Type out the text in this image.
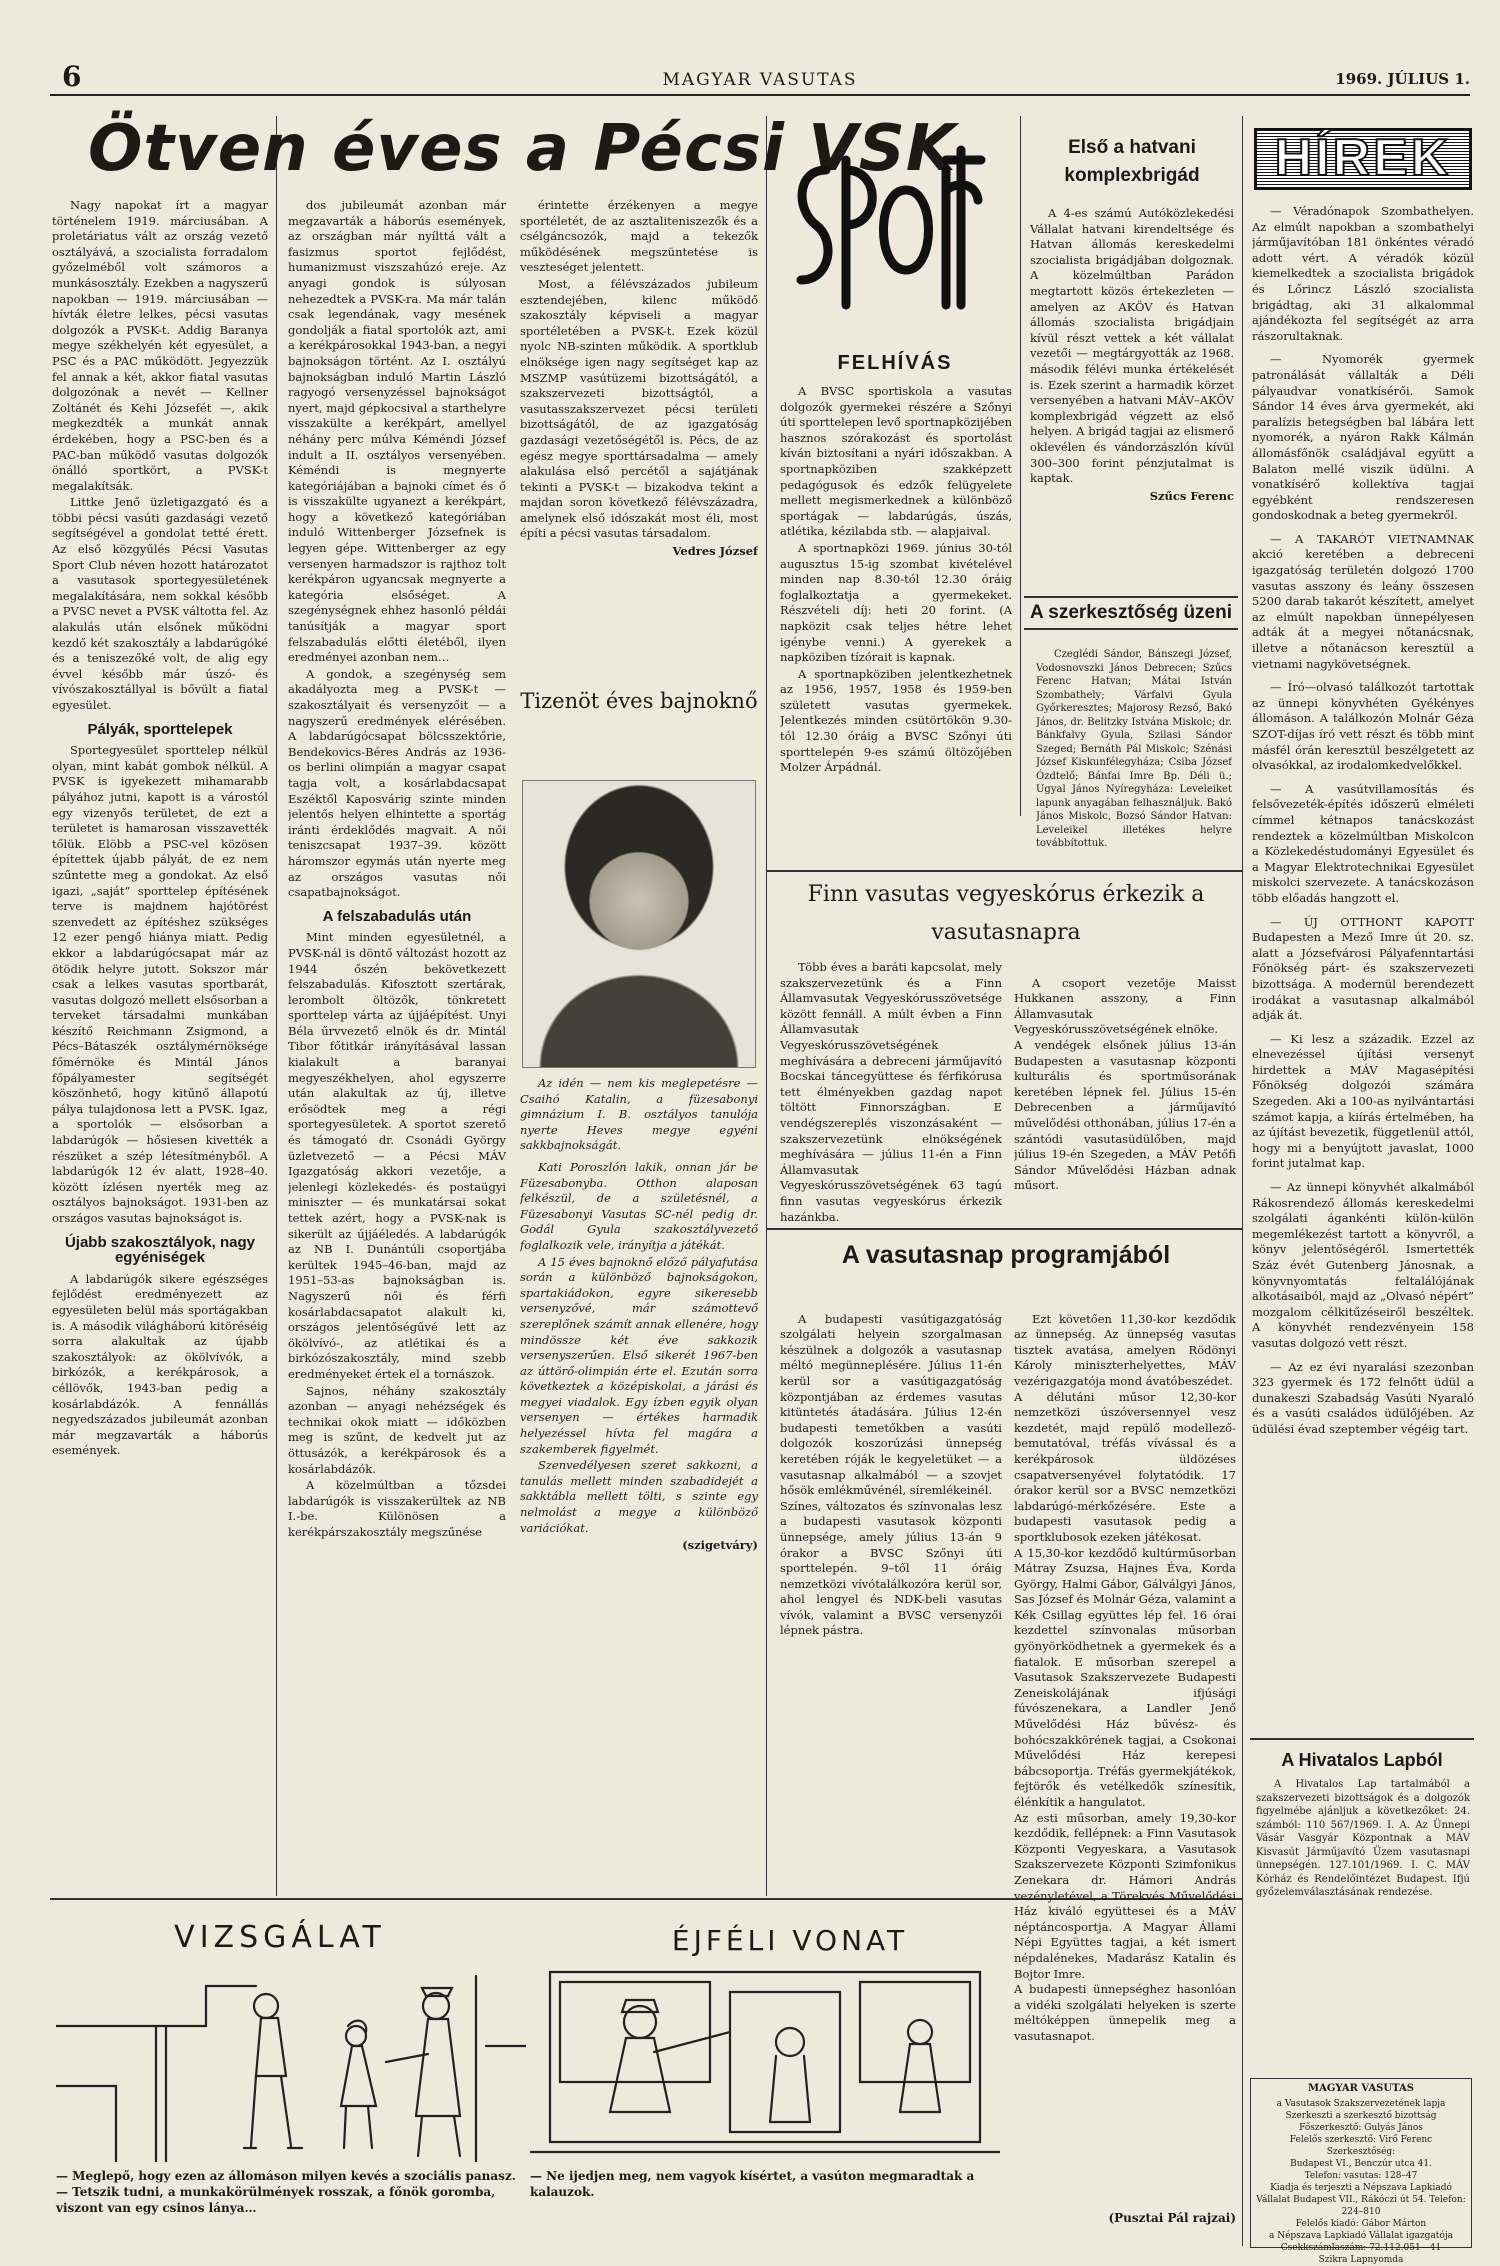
6	MAGYAR VASUTAS	1969. JÚLIUS 1.
Ötven éves a Pécsi VSK

Nagy napokat írt a magyar történelem 1919. márciusában. A proletáriatus vált az ország vezető osztályává, a szocialista forradalom győzelméből volt számoros a munkásosztály. Ezekben a nagyszerű napokban — 1919. márciusában — hívták életre lelkes, pécsi vasutas dolgozók a PVSK-t. Addig Baranya megye székhelyén két egyesület, a PSC és a PAC működött. Jegyezzük fel annak a két, akkor fiatal vasutas dolgozónak a nevét — Kellner Zoltánét és Kehi Józsefét —, akik megkezdték a munkát annak érdekében, hogy a PSC-ben és a PAC-ban működő vasutas dolgozók önálló sportkört, a PVSK-t megalakítsák.

Littke Jenő üzletigazgató és a többi pécsi vasúti gazdasági vezető segítségével a gondolat tetté érett. Az első közgyűlés Pécsi Vasutas Sport Club néven hozott határozatot a vasutasok sportegyesületének megalakítására, nem sokkal később a PVSC nevet a PVSK váltotta fel. Az alakulás után elsőnek működni kezdő két szakosztály a labdarúgóké és a teniszezőké volt, de alig egy évvel később már úszó- és vívószakosztállyal is bővült a fiatal egyesület.

Pályák, sporttelepek

Sportegyesület sporttelep nélkül olyan, mint kabát gombok nélkül. A PVSK is igyekezett mihamarabb pályához jutni, kapott is a várostól egy vizenyős területet, de ezt a területet is hamarosan visszavették tőlük. Elöbb a PSC-vel közösen építettek újabb pályát, de ez nem szűntette meg a gondokat. Az első igazi, „saját” sporttelep építésének terve is majdnem hajótörést szenvedett az építéshez szükséges 12 ezer pengő hiánya miatt. Pedig ekkor a labdarúgócsapat már az ötödik helyre jutott. Sokszor már csak a lelkes vasutas sportbarát, vasutas dolgozó mellett elsősorban a terveket társadalmi munkában készítő Reichmann Zsigmond, a Pécs–Bátaszék osztálymérnöksége főmérnöke és Mintál János főpályamester segítségét köszönhető, hogy kitűnő állapotú pálya tulajdonosa lett a PVSK. Igaz, a sportolók — elsősorban a labdarúgók — hősiesen kivették a részüket a szép létesítményből. A labdarúgók 12 év alatt, 1928–40. között ízlésen nyerték meg az osztályos bajnokságot. 1931-ben az országos vasutas bajnokságot is.

Újabb szakosztályok, nagy egyéniségek

A labdarúgók sikere egészséges fejlődést eredményezett az egyesületen belül más sportágakban is. A második világháború kitöréséig sorra alakultak az újabb szakosztályok: az ökölvívók, a birkózók, a kerékpárosok, a céllövők, 1943-ban pedig a kosárlabdázók. A fennállás negyedszázados jubileumát azonban már megzavarták a háborús események.

dos jubileumát azonban már megzavarták a háborús események, az országban már nyílttá vált a fasizmus sportot fejlődést, humanizmust viszszahúzó ereje. Az anyagi gondok is súlyosan nehezedtek a PVSK-ra. Ma már talán csak legendának, vagy mesének gondolják a fiatal sportolók azt, ami a kerékpárosokkal 1943-ban, a negyi bajnokságon történt. Az I. osztályú bajnokságban induló Martin László ragyogó versenyzéssel bajnokságot nyert, majd gépkocsival a starthelyre visszakülte a kerékpárt, amellyel néhány perc múlva Kéméndi József indult a II. osztályos versenyében. Kéméndi is megnyerte kategóriájában a bajnoki címet és ő is visszakülte ugyanezt a kerékpárt, hogy a következő kategóriában induló Wittenberger Józsefnek is legyen gépe. Wittenberger az egy versenyen harmadszor is rajthoz tolt kerékpáron ugyancsak megnyerte a kategória elsőséget. A szegénységnek ehhez hasonló példái tanúsítják a magyar sport felszabadulás előtti életéből, ilyen eredményei azonban nem…

A gondok, a szegénység sem akadályozta meg a PVSK-t — szakosztályait és versenyzőit — a nagyszerű eredmények elérésében. A labdarúgócsapat bölcsszektőrie, Bendekovics-Béres András az 1936-os berlini olimpián a magyar csapat tagja volt, a kosárlabdacsapat Eszéktől Kaposvárig szinte minden jelentős helyen elhintette a sportág iránti érdeklődés magvait. A női teniszcsapat 1937–39. között háromszor egymás után nyerte meg az országos vasutas női csapatbajnokságot.

A felszabadulás után

Mint minden egyesületnél, a PVSK-nál is döntő változást hozott az 1944 őszén bekövetkezett felszabadulás. Kifosztott szertárak, lerombolt öltözők, tönkretett sporttelep várta az újjáépítést. Unyi Béla űrvvezető elnök és dr. Mintál Tibor főtitkár irányításával lassan kialakult a baranyai megyeszékhelyen, ahol egyszerre után alakultak az új, illetve erősödtek meg a régi sportegyesületek. A sportot szerető és támogató dr. Csonádi György üzletvezető — a Pécsi MÁV Igazgatóság akkori vezetője, a jelenlegi közlekedés- és postaügyi miniszter — és munkatársai sokat tettek azért, hogy a PVSK-nak is sikerült az újjáéledés. A labdarúgók az NB I. Dunántúli csoportjába kerültek 1945–46-ban, majd az 1951–53-as bajnokságban is. Nagyszerű női és férfi kosárlabdacsapatot alakult ki, országos jelentőségűvé lett az ökölvívó-, az atlétikai és a birkózószakosztály, mind szebb eredményeket értek el a tornászok.

Sajnos, néhány szakosztály azonban — anyagi nehézségek és technikai okok miatt — időközben meg is szűnt, de kedvelt jut az öttusázók, a kerékpárosok és a kosárlabdázók.

A közelmúltban a tőzsdei labdarúgók is visszakerültek az NB I.-be. Különösen a kerékpárszakosztály megszűnése

érintette érzékenyen a megye sportéletét, de az asztaliteniszezők és a csélgáncsozók, majd a tekezők működésének megszüntetése is veszteséget jelentett.

Most, a félévszázados jubileum esztendejében, kilenc működő szakosztály képviseli a magyar sportéletében a PVSK-t. Ezek közül nyolc NB-szinten működik. A sportklub elnöksége igen nagy segítséget kap az MSZMP vasútüzemi bizottságától, a szakszervezeti bizottságtól, a vasutasszakszervezet pécsi területi bizottságától, de az igazgatóság gazdasági vezetőségétől is. Pécs, de az egész megye sporttársadalma — amely alakulása első percétől a sajátjának tekinti a PVSK-t — bizakodva tekint a majdan soron következő félévszázadra, amelynek első idószakát most éli, most építi a pécsi vasutas társadalom.

Vedres József
Tizenöt éves bajnoknő

Az idén — nem kis meglepetésre — Csaihó Katalin, a füzesabonyi gimnázium I. B. osztályos tanulója nyerte Heves megye egyéni sakkbajnokságát.

Kati Poroszlón lakik, onnan jár be Füzesabonyba. Otthon alaposan felkészül, de a születésnél, a Füzesabonyi Vasutas SC-nél pedig dr. Godál Gyula szakosztályvezető foglalkozik vele, irányítja a játékát.

A 15 éves bajnoknő előző pályafutása során a különböző bajnokságokon, spartakiádokon, egyre sikeresebb versenyzővé, már számottevő szereplőnek számít annak ellenére, hogy mindössze két éve sakkozik versenyszerűen. Első sikerét 1967-ben az úttörő-olimpián érte el. Ezután sorra következtek a középiskolai, a járási és megyei viadalok. Egy ízben egyik olyan versenyen — értékes harmadik helyezéssel hívta fel magára a szakemberek figyelmét.

Szenvedélyesen szeret sakkozni, a tanulás mellett minden szabadidejét a sakktábla mellett tölti, s szinte egy nelmolást a megye a különböző variációkat.

(szigetváry)
FELHÍVÁS

A BVSC sportiskola a vasutas dolgozók gyermekei részére a Szőnyi úti sporttelepen levő sportnapközijében hasznos szórakozást és sportolást kíván biztosítani a nyári időszakban. A sportnapköziben szakképzett pedagógusok és edzők felügyelete mellett megismerkednek a különböző sportágak — labdarúgás, úszás, atlétika, kézilabda stb. — alapjaival.

A sportnapközi 1969. június 30-tól augusztus 15-ig szombat kivételével minden nap 8.30-tól 12.30 óráig foglalkoztatja a gyermekeket. Részvételi díj: heti 20 forint. (A napközit csak teljes hétre lehet igénybe venni.) A gyerekek a napköziben tízórait is kapnak.

A sportnapköziben jelentkezhetnek az 1956, 1957, 1958 és 1959-ben született vasutas gyermekek. Jelentkezés minden csütörtökön 9.30-tól 12.30 óráig a BVSC Szőnyi úti sporttelepén 9-es számú öltözőjében Molzer Árpádnál.

Első a hatvani komplexbrigád

A 4-es számú Autóközlekedési Vállalat hatvani kirendeltsége és Hatvan állomás kereskedelmi szocialista brigádjában dolgoznak. A közelmúltban Parádon megtartott közös értekezleten — amelyen az AKÖV és Hatvan állomás szocialista brigádjain kívül részt vettek a két vállalat vezetői — megtárgyották az 1968. második félévi munka értékelését is. Ezek szerint a harmadik körzet versenyében a hatvani MÁV–AKÖV komplexbrigád végzett az első helyen. A brigád tagjai az elismerő oklevélen és vándorzászlón kívül 300–300 forint pénzjutalmat is kaptak.

Szűcs Ferenc
A szerkesztőség üzeni

Czeglédi Sándor, Bánszegi József, Vodosnovszki János Debrecen; Szűcs Ferenc Hatvan; Mátai István Szombathely; Várfalvi Gyula Győrkeresztes; Majorosy Rezső, Bakó János, dr. Belitzky Istvána Miskolc; dr. Bánkfalvy Gyula, Szilasi Sándor Szeged; Bernáth Pál Miskolc; Szénási József Kiskunfélegyháza; Csiba József Ózdtelő; Bánfai Imre Bp. Déli ü.; Ugyal János Nyíregyháza: Leveleiket lapunk anyagában felhasználjuk. Bakó János Miskolc, Bozsó Sándor Hatvan: Leveleikel illetékes helyre továbbítottuk.

Finn vasutas vegyeskórus érkezik a vasutasnapra

Több éves a baráti kapcsolat, mely szakszervezetünk és a Finn Államvasutak Vegyeskórusszövetsége között fennáll. A múlt évben a Finn Államvasutak Vegyeskórusszövetségének meghívására a debreceni járműjavító Bocskai táncegyüttese és férfikórusa tett élményekben gazdag napot töltött Finnországban. E vendégszereplés viszonzásaként — szakszervezetünk elnökségének meghívására — július 11-én a Finn Államvasutak Vegyeskórusszövetségének 63 tagú finn vasutas vegyeskórus érkezik hazánkba.

A csoport vezetője Maisst Hukkanen asszony, a Finn Államvasutak Vegyeskórusszövetségének elnöke.
A vendégek elsőnek július 13-án Budapesten a vasutasnap központi kulturális és sportműsorának keretében lépnek fel. Július 15-én Debrecenben a járműjavító művelődési otthonában, július 17-én a szántódi vasutasüdülőben, majd július 19-én Szegeden, a MÁV Petőfi Sándor Művelődési Házban adnak műsort.

A vasutasnap programjából

A budapesti vasútigazgatóság szolgálati helyein szorgalmasan készülnek a dolgozók a vasutasnap méltó megünneplésére. Július 11-én kerül sor a vasútigazgatóság központjában az érdemes vasutas kitüntetés átadására. Július 12-én budapesti temetőkben a vasúti dolgozók koszorúzási ünnepség keretében róják le kegyeletüket — a vasutasnap alkalmából — a szovjet hősök emlékművénél, síremlékeinél.
Színes, változatos és színvonalas lesz a budapesti vasutasok központi ünnepsége, amely július 13-án 9 órakor a BVSC Szőnyi úti sporttelepén. 9–től 11 óráig nemzetközi vívótalálkozóra kerül sor, ahol lengyel és NDK-beli vasutas vívók, valamint a BVSC versenyzői lépnek pástra.

Ezt követően 11,30-kor kezdődik az ünnepség. Az ünnepség vasutas tisztek avatása, amelyen Rödönyi Károly miniszterhelyettes, MÁV vezérigazgatója mond ávatóbeszédet.
A délutáni műsor 12,30-kor nemzetközi úszóversennyel vesz kezdetét, majd repülő modellező-bemutatóval, tréfás vívással és a kerékpárosok üldözéses csapatversenyével folytatódik. 17 órakor kerül sor a BVSC nemzetközi labdarúgó-mérkőzésére. Este a budapesti vasutasok pedig a sportklubosok ezeken játékosat.
A 15,30-kor kezdődő kultúrműsorban Mátray Zsuzsa, Hajnes Éva, Korda György, Halmi Gábor, Gálválgyi János, Sas József és Molnár Géza, valamint a Kék Csillag együttes lép fel. 16 órai kezdettel színvonalas műsorban gyönyörködhetnek a gyermekek és a fiatalok. E műsorban szerepel a Vasutasok Szakszervezete Budapesti Zeneiskolájának ifjúsági fúvószenekara, a Landler Jenő Művelődési Ház bűvész- és bohócszakkörének tagjai, a Csokonai Művelődési Ház kerepesi bábcsoportja. Tréfás gyermekjátékok, fejtörők és vetélkedők színesítik, élénkítik a hangulatot.
Az esti műsorban, amely 19,30-kor kezdődik, fellépnek: a Finn Vasutasok Központi Vegyeskara, a Vasutasok Szakszervezete Központi Szimfonikus Zenekara dr. Hámori András vezényletével, a Törekvés Művelődési Ház kiváló együttesei és a MÁV néptáncosportja. A Magyar Állami Népi Együttes tagjai, a két ismert népdalénekes, Madarász Katalin és Bojtor Imre.
A budapesti ünnepséghez hasonlóan a vidéki szolgálati helyeken is szerte méltóképpen ünnepelik meg a vasutasnapot.

HÍREK

— Véradónapok Szombathelyen. Az elmúlt napokban a szombathelyi járműjavítóban 181 önkéntes véradó adott vért. A véradók közül kiemelkedtek a szocialista brigádok és Lőrincz László szocialista brigádtag, aki 31 alkalommal ajándékozta fel segítségét az arra rászorultaknak.

— Nyomorék gyermek patronálását vállalták a Déli pályaudvar vonatkísérői. Samok Sándor 14 éves árva gyermekét, aki paralízis betegségben bal lábára lett nyomorék, a nyáron Rakk Kálmán állomásfőnök családjával együtt a Balaton mellé viszik üdülni. A vonatkísérő kollektíva tagjai egyébként rendszeresen gondoskodnak a beteg gyermekről.

— A TAKARÓT VIETNAMNAK akció keretében a debreceni igazgatóság területén dolgozó 1700 vasutas asszony és leány összesen 5200 darab takarót készített, amelyet az elmúlt napokban ünnepélyesen adták át a megyei nőtanácsnak, illetve a nőtanácson keresztül a vietnami nagykövetségnek.

— Író—olvasó találkozót tartottak az ünnepi könyvhéten Gyékényes állomáson. A találkozón Molnár Géza SZOT-díjas író vett részt és több mint másfél órán keresztül beszélgetett az olvasókkal, az irodalomkedvelőkkel.

— A vasútvillamosítás és felsővezeték-építés időszerű elméleti címmel kétnapos tanácskozást rendeztek a közelmúltban Miskolcon a Közlekedéstudományi Egyesület és a Magyar Elektrotechnikai Egyesület miskolci szervezete. A tanácskozáson több előadás hangzott el.

— ÚJ OTTHONT KAPOTT Budapesten a Mező Imre út 20. sz. alatt a Józsefvárosi Pályafenntartási Főnökség párt- és szakszervezeti bizottsága. A modernül berendezett irodákat a vasutasnap alkalmából adják át.

— Ki lesz a századik. Ezzel az elnevezéssel újítási versenyt hirdettek a MÁV Magasépítési Főnökség dolgozói számára Szegeden. Aki a 100-as nyilvántartási számot kapja, a kiírás értelmében, ha az újítást bevezetik, függetlenül attól, hogy mi a benyújtott javaslat, 1000 forint jutalmat kap.

— Az ünnepi könyvhét alkalmából Rákosrendező állomás kereskedelmi szolgálati ágankénti külön-külön megemlékezést tartott a könyvről, a könyv jelentőségéről. Ismertették Száz évét Gutenberg Jánosnak, a könyvnyomtatás feltalálójának alkotásaiból, majd az „Olvasó népért” mozgalom célkitűzéseiről beszéltek. A könyvhét rendezvényein 158 vasutas dolgozó vett részt.

— Az ez évi nyaralási szezonban 323 gyermek és 172 felnőtt üdül a dunakeszi Szabadság Vasúti Nyaraló és a vasúti családos üdülőjében. Az üdülési évad szeptember végéig tart.

A Hivatalos Lapból

A Hivatalos Lap tartalmából a szakszervezeti bizottságok és a dolgozók figyelmébe ajánljuk a következőket: 24. számból: 110 567/1969. I. A. Az Ünnepi Vásár Vasgyár Központnak a MÁV Kisvasút Járműjavító Üzem vasutasnapi ünnepségén. 127.101/1969. I. C. MÁV Kórház és Rendelőintézet Budapest. Ifjú győzelemválasztásának rendezése.

MAGYAR VASUTAS
a Vasutasok Szakszervezetének lapja
Szerkeszti a szerkesztő bizottság
Főszerkesztő: Gulyás János
Felelős szerkesztő: Virő Ferenc
Szerkesztőség:
Budapest VI., Benczúr utca 41.
Telefon: vasutas: 128–47
Kiadja és terjeszti a Népszava Lapkiadó Vállalat Budapest VII., Rákóczi út 54. Telefon: 224–810
Felelős kiadó: Gábor Márton
a Népszava Lapkiadó Vállalat igazgatója
Csekkszámlaszám: 72.112.051—41
Szikra Lapnyomda
VIZSGÁLAT
— Meglepő, hogy ezen az állomáson milyen kevés a szociális panasz.
— Tetszik tudni, a munkakörülmények rosszak, a főnök goromba, viszont van egy csinos lánya…
ÉJFÉLI VONAT
— Ne ijedjen meg, nem vagyok kísértet, a vasúton megmaradtak a kalauzok.
(Pusztai Pál rajzai)
